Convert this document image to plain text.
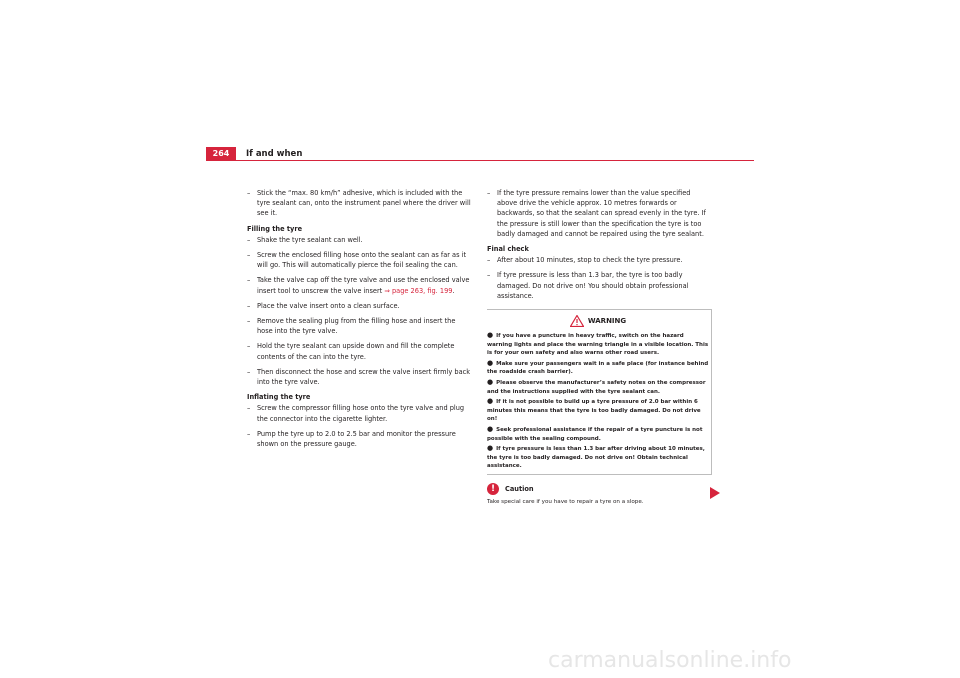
264	If and when
– Stick the “max. 80 km/h” adhesive, which is included with the tyre sealant can, onto the instrument panel where the driver will see it.
Filling the tyre
– Shake the tyre sealant can well.
– Screw the enclosed filling hose onto the sealant can as far as it will go. This will automatically pierce the foil sealing the can.
– Take the valve cap off the tyre valve and use the enclosed valve insert tool to unscrew the valve insert ⇒ page 263, fig. 199.
– Place the valve insert onto a clean surface.
– Remove the sealing plug from the filling hose and insert the hose into the tyre valve.
– Hold the tyre sealant can upside down and fill the complete contents of the can into the tyre.
– Then disconnect the hose and screw the valve insert firmly back into the tyre valve.
Inflating the tyre
– Screw the compressor filling hose onto the tyre valve and plug the connector into the cigarette lighter.
– Pump the tyre up to 2.0 to 2.5 bar and monitor the pressure shown on the pressure gauge.
– If the tyre pressure remains lower than the value specified above drive the vehicle approx. 10 metres forwards or backwards, so that the sealant can spread evenly in the tyre. If the pressure is still lower than the specification the tyre is too badly damaged and cannot be repaired using the tyre sealant.
Final check
– After about 10 minutes, stop to check the tyre pressure.
– If tyre pressure is less than 1.3 bar, the tyre is too badly damaged. Do not drive on! You should obtain professional assistance.
WARNING
● If you have a puncture in heavy traffic, switch on the hazard warning lights and place the warning triangle in a visible location. This is for your own safety and also warns other road users.
● Make sure your passengers wait in a safe place (for instance behind the roadside crash barrier).
● Please observe the manufacturer’s safety notes on the compressor and the instructions supplied with the tyre sealant can.
● If it is not possible to build up a tyre pressure of 2.0 bar within 6 minutes this means that the tyre is too badly damaged. Do not drive on!
● Seek professional assistance if the repair of a tyre puncture is not possible with the sealing compound.
● If tyre pressure is less than 1.3 bar after driving about 10 minutes, the tyre is too badly damaged. Do not drive on! Obtain technical assistance.
!	Caution
Take special care if you have to repair a tyre on a slope.
carmanualsonline.info
